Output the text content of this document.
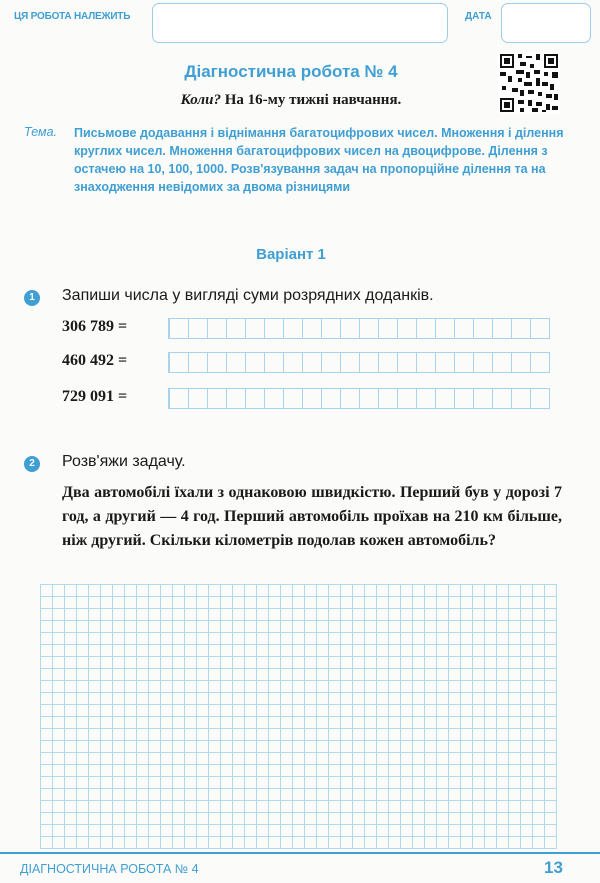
ЦЯ РОБОТА НАЛЕЖИТЬ	ДАТА
Діагностична робота № 4
Коли? На 16-му тижні навчання.
Тема. Письмове додавання і віднімання багатоцифрових чисел. Множення і ділення круглих чисел. Множення багатоцифрових чисел на двоцифрове. Ділення з остачею на 10, 100, 1000. Розв'язування задач на пропорційне ділення та на знаходження невідомих за двома різницями
Варіант 1
1	Запиши числа у вигляді суми розрядних доданків.
306 789 =
460 492 =
729 091 =
2	Розв'яжи задачу.
Два автомобілі їхали з однаковою швидкістю. Перший був у дорозі 7 год, а другий — 4 год. Перший автомобіль проїхав на 210 км більше, ніж другий. Скільки кілометрів подолав кожен автомобіль?
ДІАГНОСТИЧНА РОБОТА № 4	13
